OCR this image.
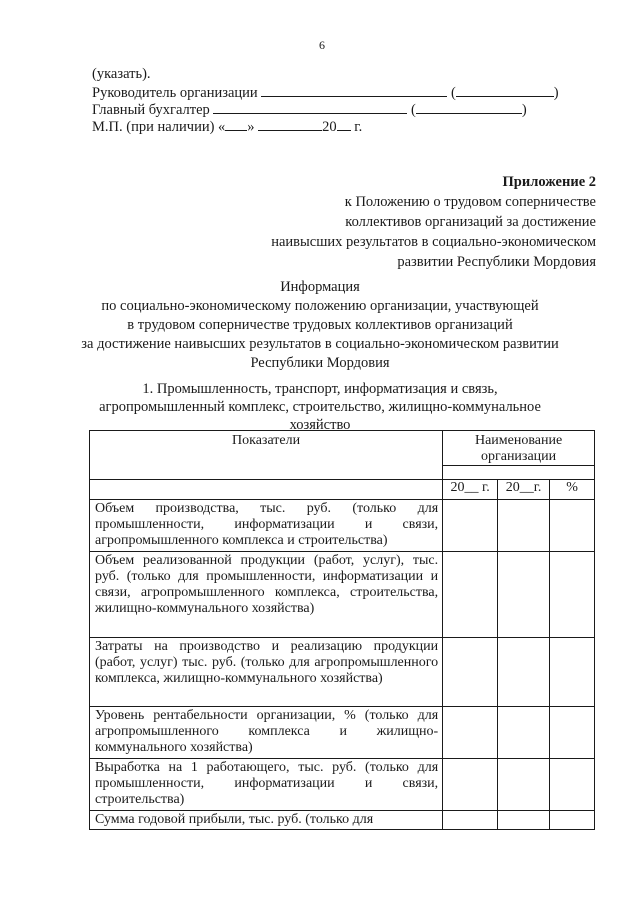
6
(указать).
Руководитель организации	(	)
Главный бухгалтер	(	)
М.П. (при наличии) « »	20 г.
Приложение 2
к Положению о трудовом соперничестве
коллективов организаций за достижение
наивысших результатов в социально-экономическом
развитии Республики Мордовия
Информация
по социально-экономическому положению организации, участвующей
в трудовом соперничестве трудовых коллективов организаций
за достижение наивысших результатов в социально-экономическом развитии
Республики Мордовия
1. Промышленность, транспорт, информатизация и связь,
агропромышленный комплекс, строительство, жилищно-коммунальное
хозяйство
Показатели	Наименование организации		

	20__ г.	20__г.	%
Объем производства, тыс. руб. (только для промышленности, информатизации и связи, агропромышленного комплекса и строительства)			
Объем реализованной продукции (работ, услуг), тыс. руб. (только для промышленности, информатизации и связи, агропромышленного комплекса, строительства, жилищно-коммунального хозяйства)			
Затраты на производство и реализацию продукции (работ, услуг) тыс. руб. (только для агропромышленного комплекса, жилищно-коммунального хозяйства)			
Уровень рентабельности организации, % (только для агропромышленного комплекса и жилищно-коммунального хозяйства)			
Выработка на 1 работающего, тыс. руб. (только для промышленности, информатизации и связи, строительства)			
Сумма годовой прибыли, тыс. руб. (только для			
